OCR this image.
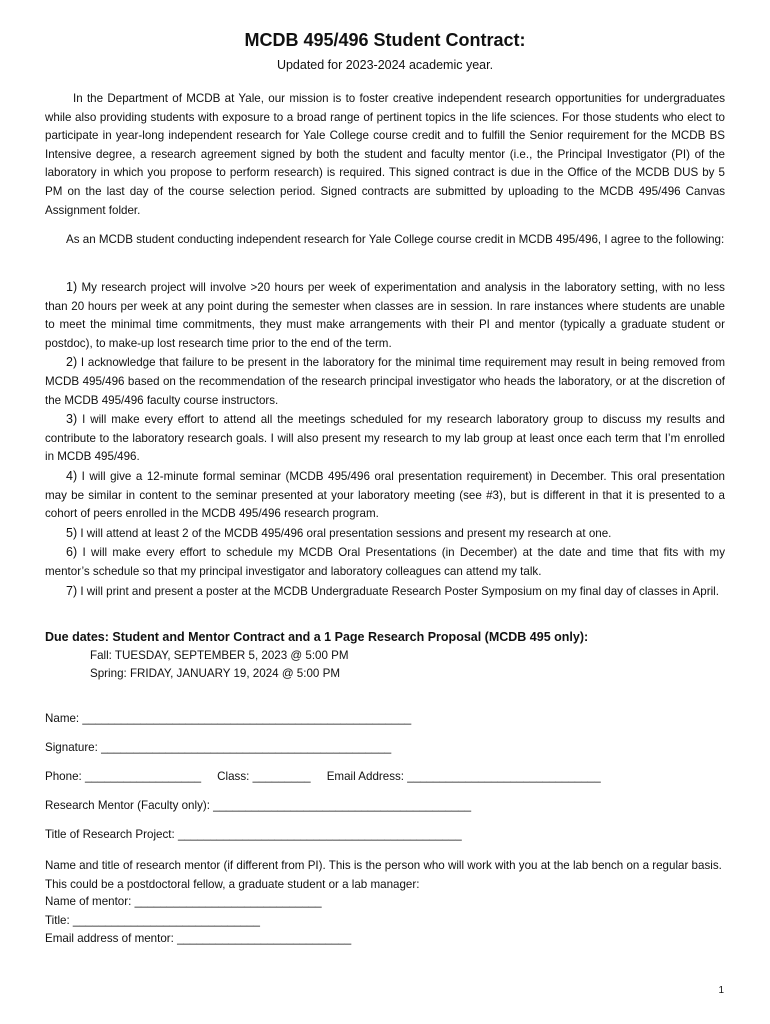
MCDB 495/496 Student Contract:
Updated for 2023-2024 academic year.
In the Department of MCDB at Yale, our mission is to foster creative independent research opportunities for undergraduates while also providing students with exposure to a broad range of pertinent topics in the life sciences. For those students who elect to participate in year-long independent research for Yale College course credit and to fulfill the Senior requirement for the MCDB BS Intensive degree, a research agreement signed by both the student and faculty mentor (i.e., the Principal Investigator (PI) of the laboratory in which you propose to perform research) is required. This signed contract is due in the Office of the MCDB DUS by 5 PM on the last day of the course selection period. Signed contracts are submitted by uploading to the MCDB 495/496 Canvas Assignment folder.
As an MCDB student conducting independent research for Yale College course credit in MCDB 495/496, I agree to the following:

1) My research project will involve >20 hours per week of experimentation and analysis in the laboratory setting, with no less than 20 hours per week at any point during the semester when classes are in session. In rare instances where students are unable to meet the minimal time commitments, they must make arrangements with their PI and mentor (typically a graduate student or postdoc), to make-up lost research time prior to the end of the term.

2) I acknowledge that failure to be present in the laboratory for the minimal time requirement may result in being removed from MCDB 495/496 based on the recommendation of the research principal investigator who heads the laboratory, or at the discretion of the MCDB 495/496 faculty course instructors.

3) I will make every effort to attend all the meetings scheduled for my research laboratory group to discuss my results and contribute to the laboratory research goals. I will also present my research to my lab group at least once each term that I’m enrolled in MCDB 495/496.

4) I will give a 12-minute formal seminar (MCDB 495/496 oral presentation requirement) in December. This oral presentation may be similar in content to the seminar presented at your laboratory meeting (see #3), but is different in that it is presented to a cohort of peers enrolled in the MCDB 495/496 research program.

5) I will attend at least 2 of the MCDB 495/496 oral presentation sessions and present my research at one.

6) I will make every effort to schedule my MCDB Oral Presentations (in December) at the date and time that fits with my mentor’s schedule so that my principal investigator and laboratory colleagues can attend my talk.

7) I will print and present a poster at the MCDB Undergraduate Research Poster Symposium on my final day of classes in April.

Due dates: Student and Mentor Contract and a 1 Page Research Proposal (MCDB 495 only):
Fall: TUESDAY, SEPTEMBER 5, 2023 @ 5:00 PM
Spring: FRIDAY, JANUARY 19, 2024 @ 5:00 PM
Name: ___________________________________________________
Signature: _____________________________________________
Phone: __________________     Class: _________     Email Address: ______________________________
Research Mentor (Faculty only): ________________________________________
Title of Research Project: ____________________________________________
Name and title of research mentor (if different from PI). This is the person who will work with you at the lab bench on a regular basis. This could be a postdoctoral fellow, a graduate student or a lab manager:
Name of mentor: _____________________________
Title: _____________________________
Email address of mentor: ___________________________
1
